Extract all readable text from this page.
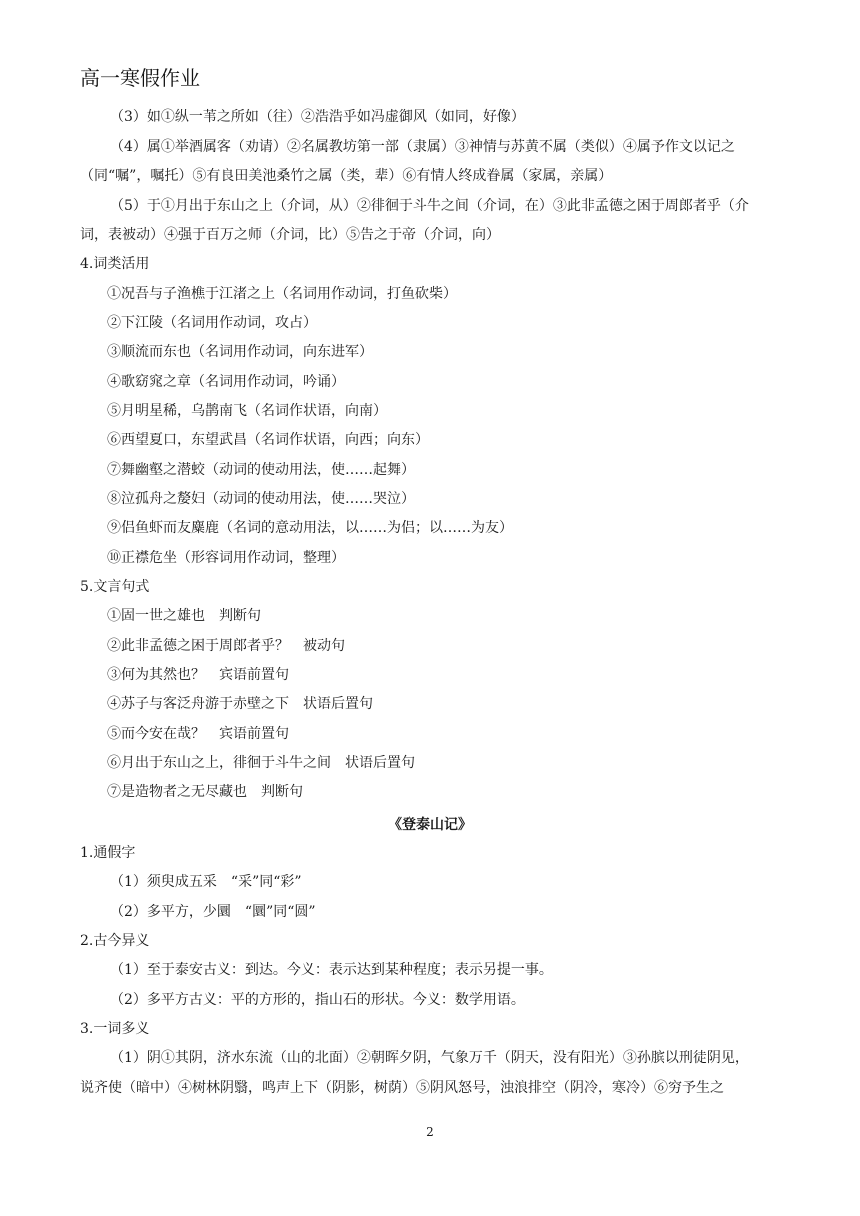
高一寒假作业
（3）如①纵一苇之所如（往）②浩浩乎如冯虚御风（如同，好像）
（4）属①举酒属客（劝请）②名属教坊第一部（隶属）③神情与苏黄不属（类似）④属予作文以记之
（同“嘱”，嘱托）⑤有良田美池桑竹之属（类，辈）⑥有情人终成眷属（家属，亲属）
（5）于①月出于东山之上（介词，从）②徘徊于斗牛之间（介词，在）③此非孟德之困于周郎者乎（介
词，表被动）④强于百万之师（介词，比）⑤告之于帝（介词，向）
4.词类活用
①况吾与子渔樵于江渚之上（名词用作动词，打鱼砍柴）
②下江陵（名词用作动词，攻占）
③顺流而东也（名词用作动词，向东进军）
④歌窈窕之章（名词用作动词，吟诵）
⑤月明星稀，乌鹊南飞（名词作状语，向南）
⑥西望夏口，东望武昌（名词作状语，向西；向东）
⑦舞幽壑之潜蛟（动词的使动用法，使……起舞）
⑧泣孤舟之嫠妇（动词的使动用法，使……哭泣）
⑨侣鱼虾而友麋鹿（名词的意动用法，以……为侣；以……为友）
⑩正襟危坐（形容词用作动词，整理）
5.文言句式
①固一世之雄也　判断句
②此非孟德之困于周郎者乎？　被动句
③何为其然也？　宾语前置句
④苏子与客泛舟游于赤壁之下　状语后置句
⑤而今安在哉？　宾语前置句
⑥月出于东山之上，徘徊于斗牛之间　状语后置句
⑦是造物者之无尽藏也　判断句
《登泰山记》
1.通假字
（1）须臾成五采　“采”同“彩”
（2）多平方，少圜　“圜”同“圆”
2.古今异义
（1）至于泰安古义：到达。今义：表示达到某种程度；表示另提一事。
（2）多平方古义：平的方形的，指山石的形状。今义：数学用语。
3.一词多义
（1）阴①其阴，济水东流（山的北面）②朝晖夕阴，气象万千（阴天，没有阳光）③孙膑以刑徒阴见，
说齐使（暗中）④树林阴翳，鸣声上下（阴影，树荫）⑤阴风怒号，浊浪排空（阴冷，寒冷）⑥穷予生之
2
